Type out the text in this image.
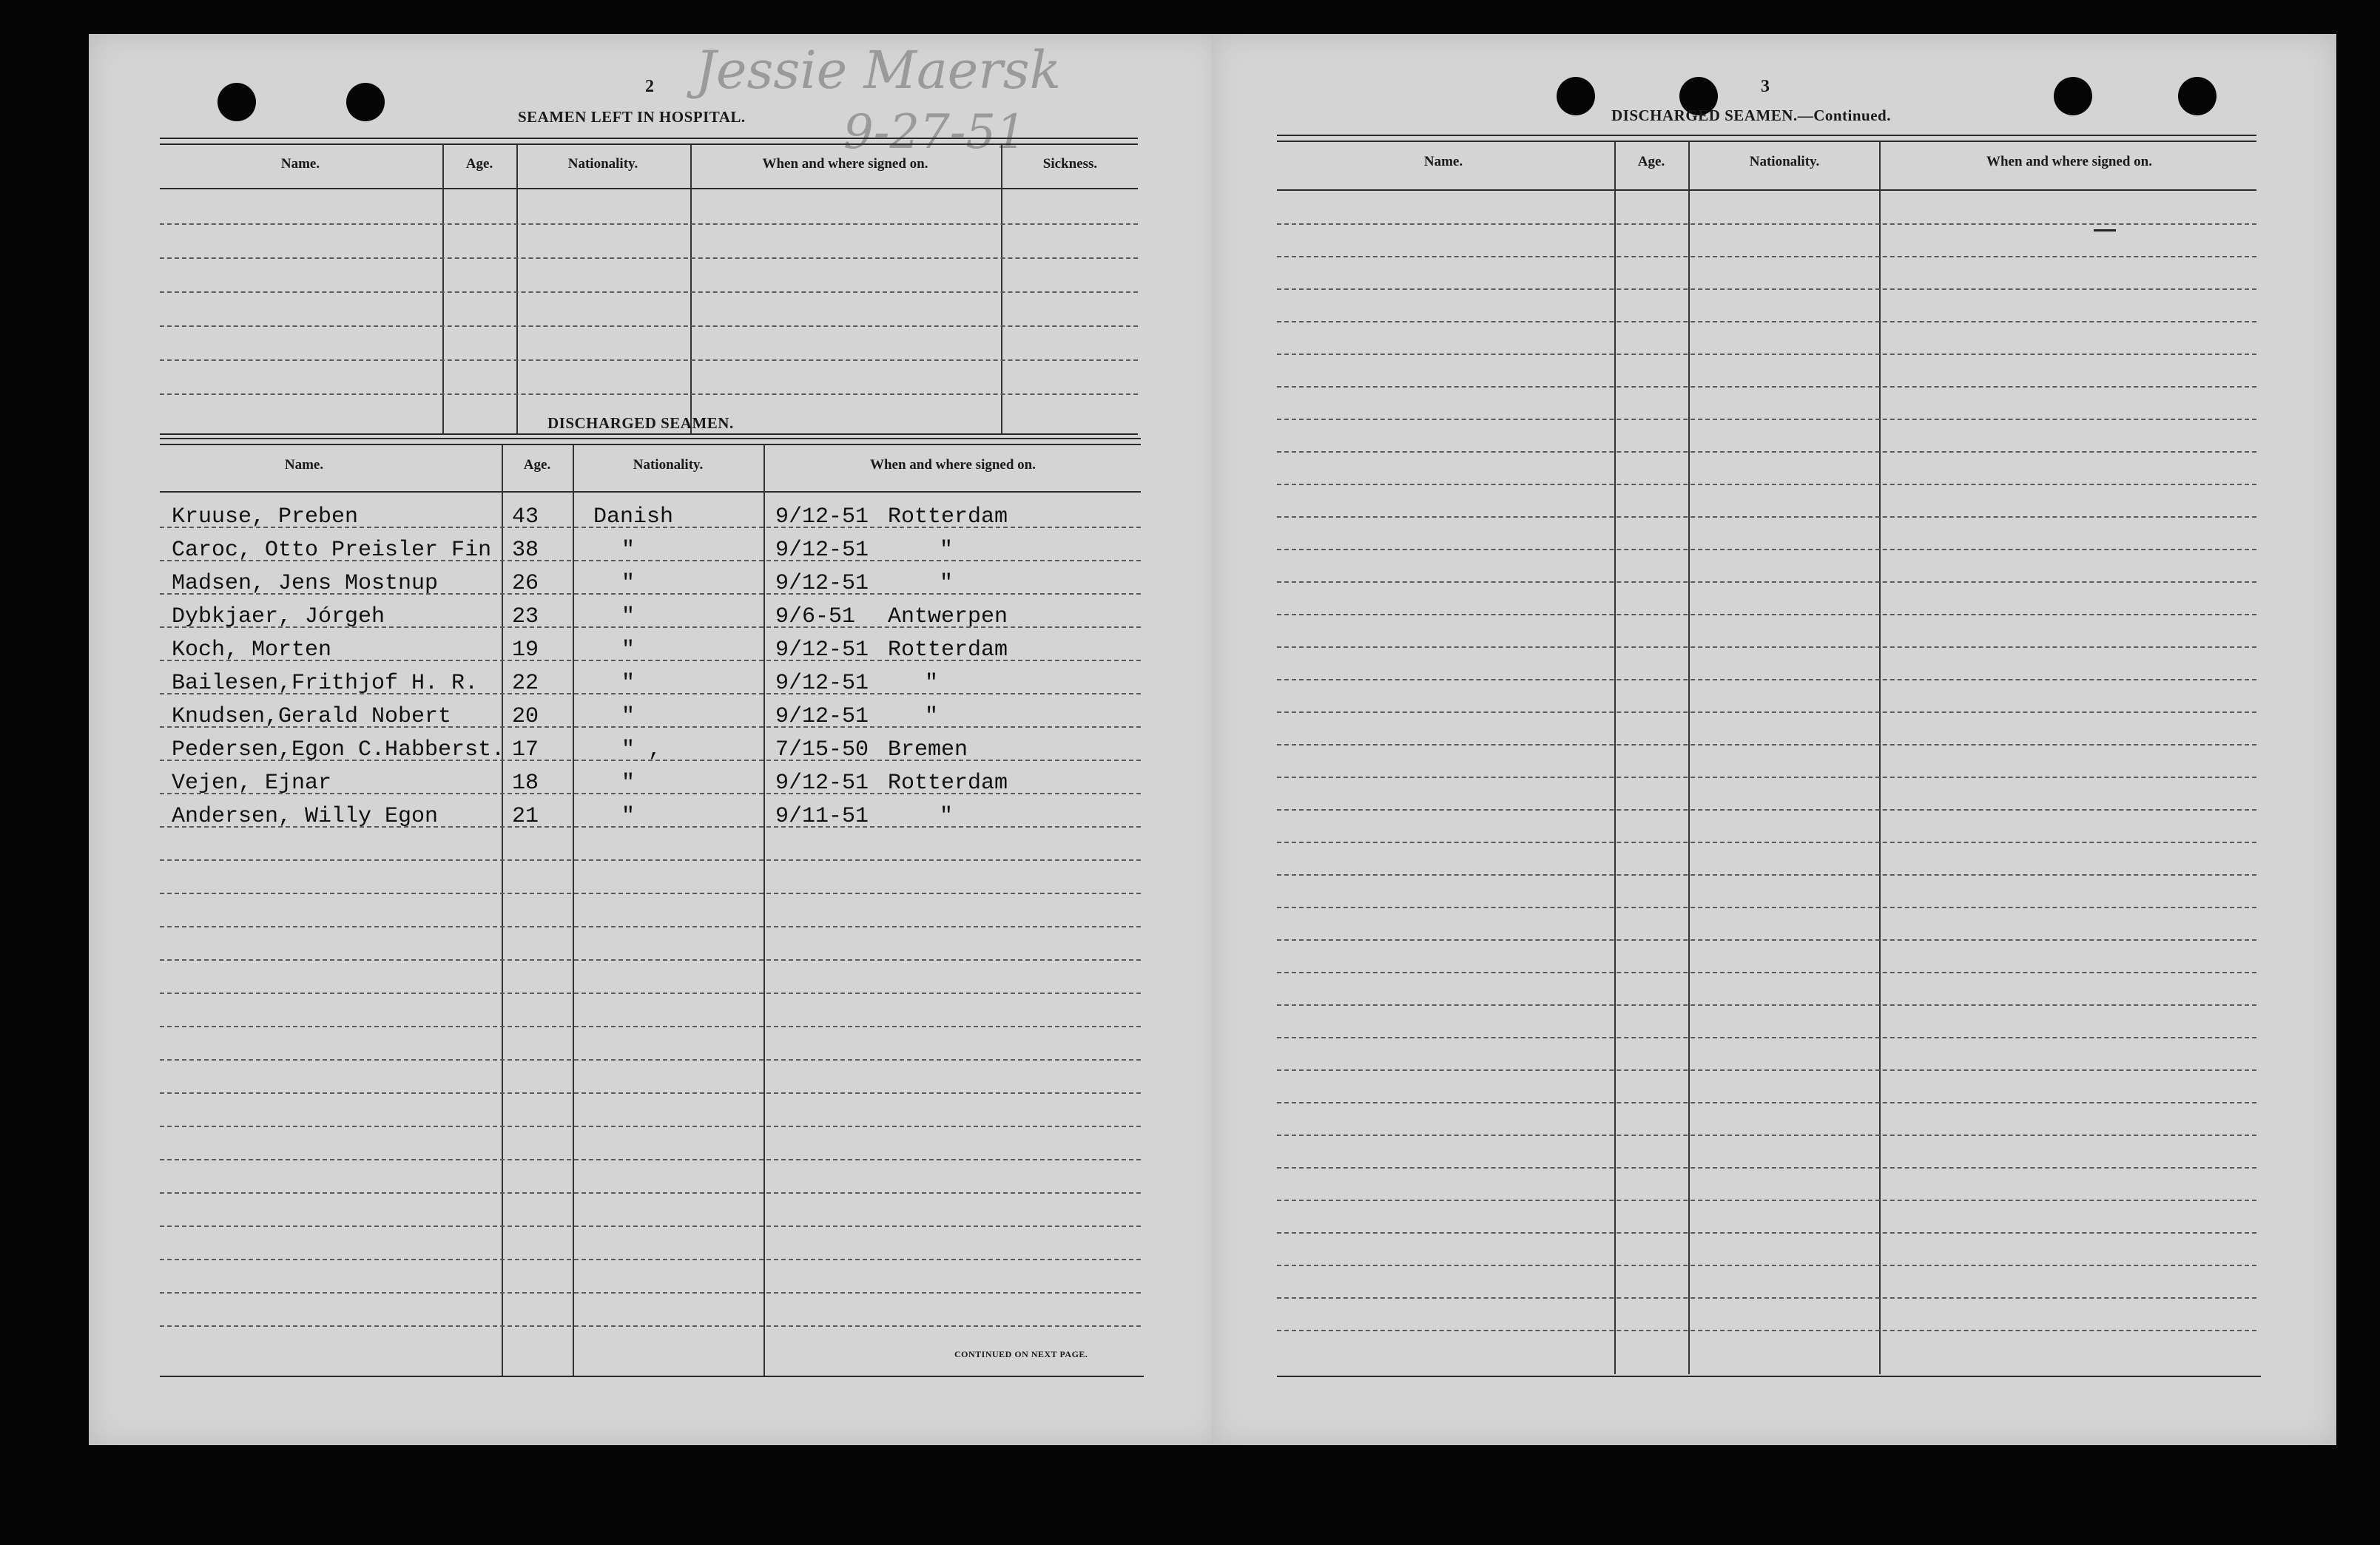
2
SEAMEN LEFT IN HOSPITAL.
Jessie Maersk
9-27-51
Name.	Age.	Nationality.	When and where signed on.	Sickness.
DISCHARGED SEAMEN.
Name.	Age.	Nationality.	When and where signed on.
Kruuse, Preben	43 Danish	9/12-51 Rotterdam
Caroc, Otto Preisler Fin 38	"	9/12-51	"
Madsen, Jens Mostnup	26	"	9/12-51	"
Dybkjaer, Jórgeh	23	"	9/6-51 Antwerpen
Koch, Morten	19	"	9/12-51 Rotterdam
Bailesen,Frithjof H. R. 22	"	9/12-51	"
Knudsen,Gerald Nobert	20	"	9/12-51	"
Pedersen,Egon C.Habberst. 17	" ,	7/15-50 Bremen
Vejen, Ejnar	18	"	9/12-51 Rotterdam
Andersen, Willy Egon	21	"	9/11-51	"
CONTINUED ON NEXT PAGE.
3
DISCHARGED SEAMEN.—Continued.
Name.	Age.	Nationality.	When and where signed on.
